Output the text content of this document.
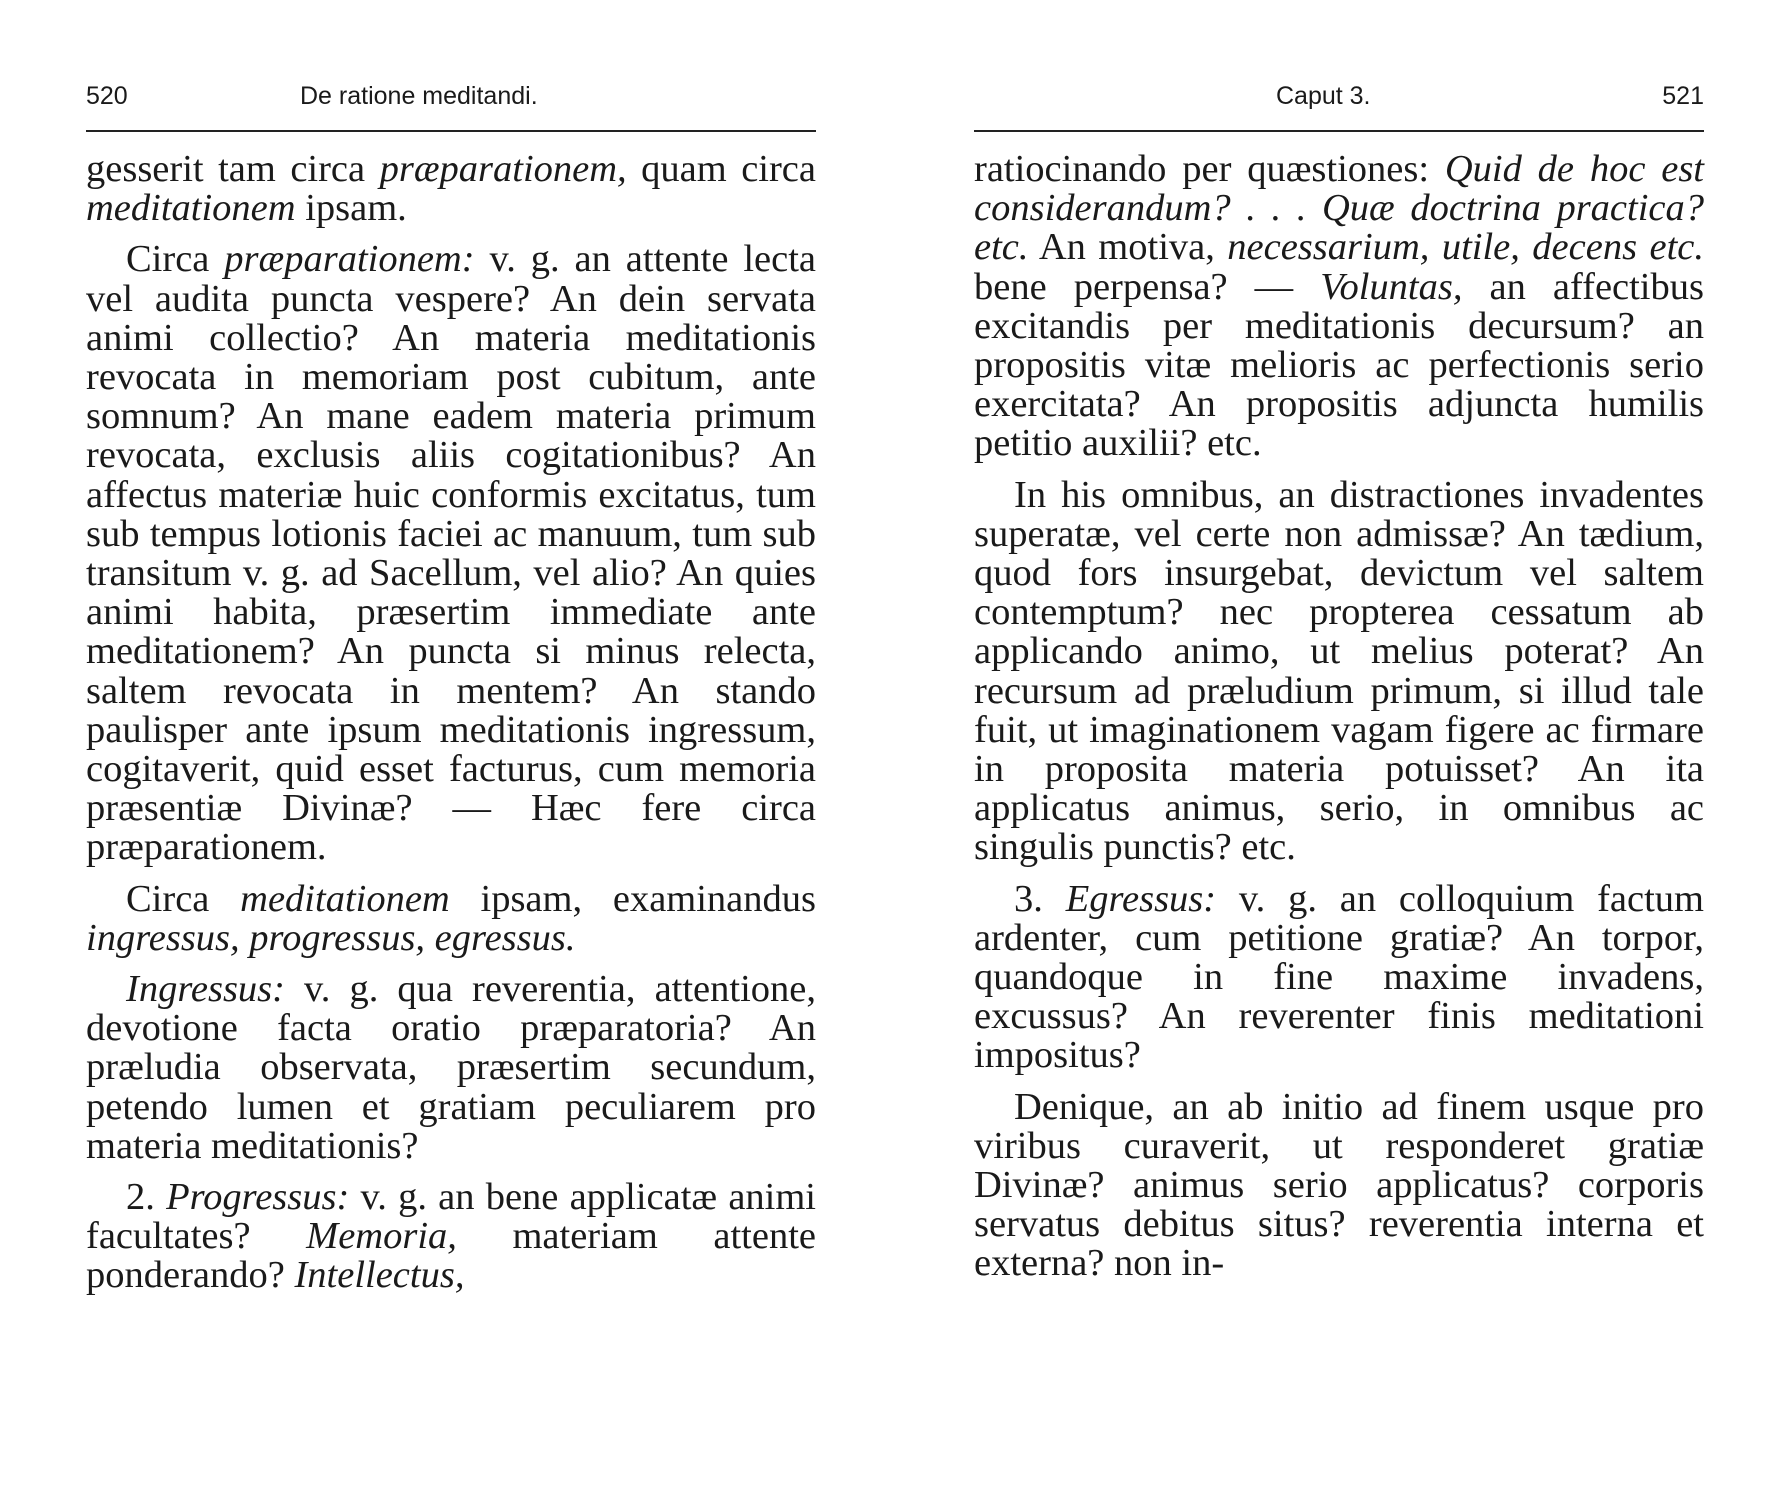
520	De ratione meditandi.

gesserit tam circa præparationem, quam circa meditationem ipsam.

Circa præparationem: v. g. an attente lecta vel audita puncta vespere? An dein servata animi collectio? An materia meditationis revocata in memoriam post cubitum, ante somnum? An mane eadem materia primum revocata, exclusis aliis cogitationibus? An affectus materiæ huic conformis excitatus, tum sub tempus lotionis faciei ac manuum, tum sub transitum v. g. ad Sacellum, vel alio? An quies animi habita, præsertim immediate ante meditationem? An puncta si minus relecta, saltem revocata in mentem? An stando paulisper ante ipsum meditationis ingressum, cogitaverit, quid esset facturus, cum memoria præsentiæ Divinæ? — Hæc fere circa præparationem.

Circa meditationem ipsam, examinandus ingressus, progressus, egressus.

Ingressus: v. g. qua reverentia, attentione, devotione facta oratio præparatoria? An præludia observata, præsertim secundum, petendo lumen et gratiam peculiarem pro materia meditationis?

2. Progressus: v. g. an bene applicatæ animi facultates? Memoria, materiam attente ponderando? Intellectus,

Caput 3.	521

ratiocinando per quæstiones: Quid de hoc est considerandum? . . . Quæ doctrina practica? etc. An motiva, necessarium, utile, decens etc. bene perpensa? — Voluntas, an affectibus excitandis per meditationis decursum? an propositis vitæ melioris ac perfectionis serio exercitata? An propositis adjuncta humilis petitio auxilii? etc.

In his omnibus, an distractiones invadentes superatæ, vel certe non admissæ? An tædium, quod fors insurgebat, devictum vel saltem contemptum? nec propterea cessatum ab applicando animo, ut melius poterat? An recursum ad præludium primum, si illud tale fuit, ut imaginationem vagam figere ac firmare in proposita materia potuisset? An ita applicatus animus, serio, in omnibus ac singulis punctis? etc.

3. Egressus: v. g. an colloquium factum ardenter, cum petitione gratiæ? An torpor, quandoque in fine maxime invadens, excussus? An reverenter finis meditationi impositus?

Denique, an ab initio ad finem usque pro viribus curaverit, ut responderet gratiæ Divinæ? animus serio applicatus? corporis servatus debitus situs? reverentia interna et externa? non in-
